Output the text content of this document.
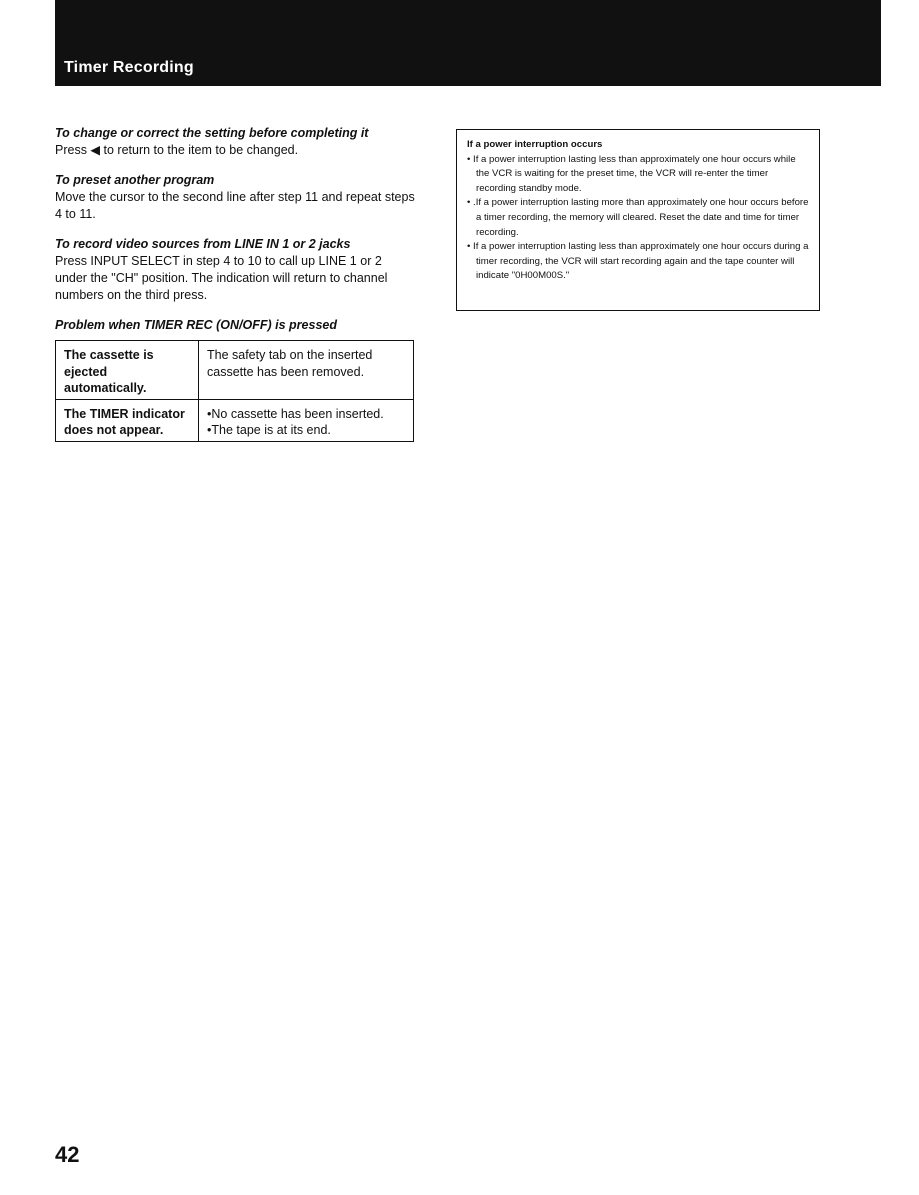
Timer Recording

To change or correct the setting before completing it

Press ◀ to return to the item to be changed.

To preset another program

Move the cursor to the second line after step 11 and repeat steps 4 to 11.

To record video sources from LINE IN 1 or 2 jacks

Press INPUT SELECT in step 4 to 10 to call up LINE 1 or 2 under the "CH" position. The indication will return to channel numbers on the third press.

Problem when TIMER REC (ON/OFF) is pressed

The cassette is ejected automatically.	The safety tab on the inserted cassette has been removed.

The TIMER indicator does not appear.	•No cassette has been inserted.
•The tape is at its end.

If a power interruption occurs

• If a power interruption lasting less than approximately one hour occurs while the VCR is waiting for the preset time, the VCR will re-enter the timer recording standby mode.

• .If a power interruption lasting more than approximately one hour occurs before a timer recording, the memory will cleared. Reset the date and time for timer recording.

• If a power interruption lasting less than approximately one hour occurs during a timer recording, the VCR will start recording again and the tape counter will indicate "0H00M00S."

42
